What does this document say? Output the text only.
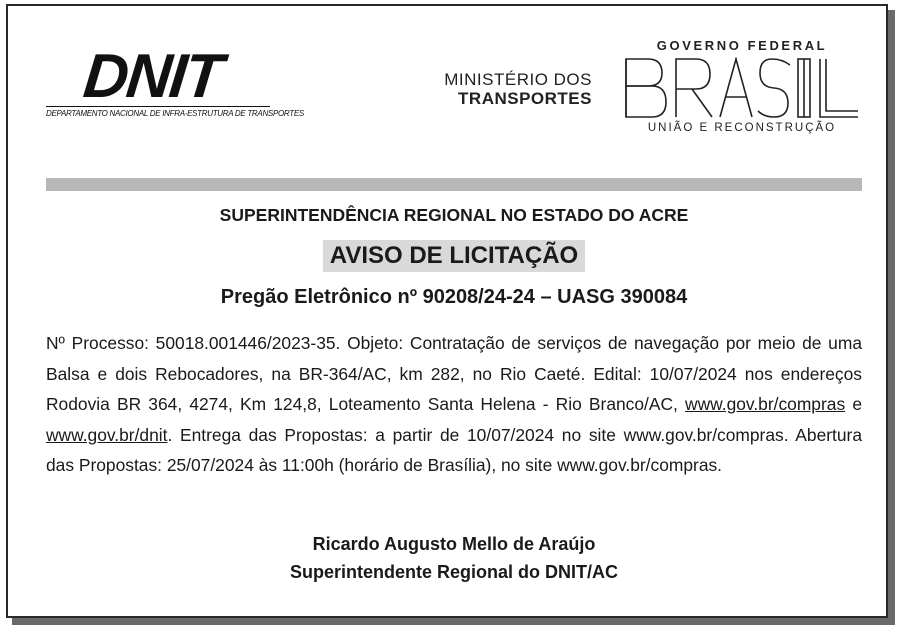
DNIT
DEPARTAMENTO NACIONAL DE INFRA-ESTRUTURA DE TRANSPORTES
MINISTÉRIO DOS
TRANSPORTES
GOVERNO FEDERAL
UNIÃO E RECONSTRUÇÃO
SUPERINTENDÊNCIA REGIONAL NO ESTADO DO ACRE
AVISO DE LICITAÇÃO
Pregão Eletrônico nº 90208/24-24 – UASG 390084
Nº Processo: 50018.001446/2023-35. Objeto: Contratação de serviços de navegação por meio de uma Balsa e dois Rebocadores, na BR-364/AC, km 282, no Rio Caeté. Edital: 10/07/2024 nos endereços Rodovia BR 364, 4274, Km 124,8, Loteamento Santa Helena - Rio Branco/AC, www.gov.br/compras e www.gov.br/dnit. Entrega das Propostas: a partir de 10/07/2024 no site www.gov.br/compras. Abertura das Propostas: 25/07/2024 às 11:00h (horário de Brasília), no site www.gov.br/compras.
Ricardo Augusto Mello de Araújo
Superintendente Regional do DNIT/AC
